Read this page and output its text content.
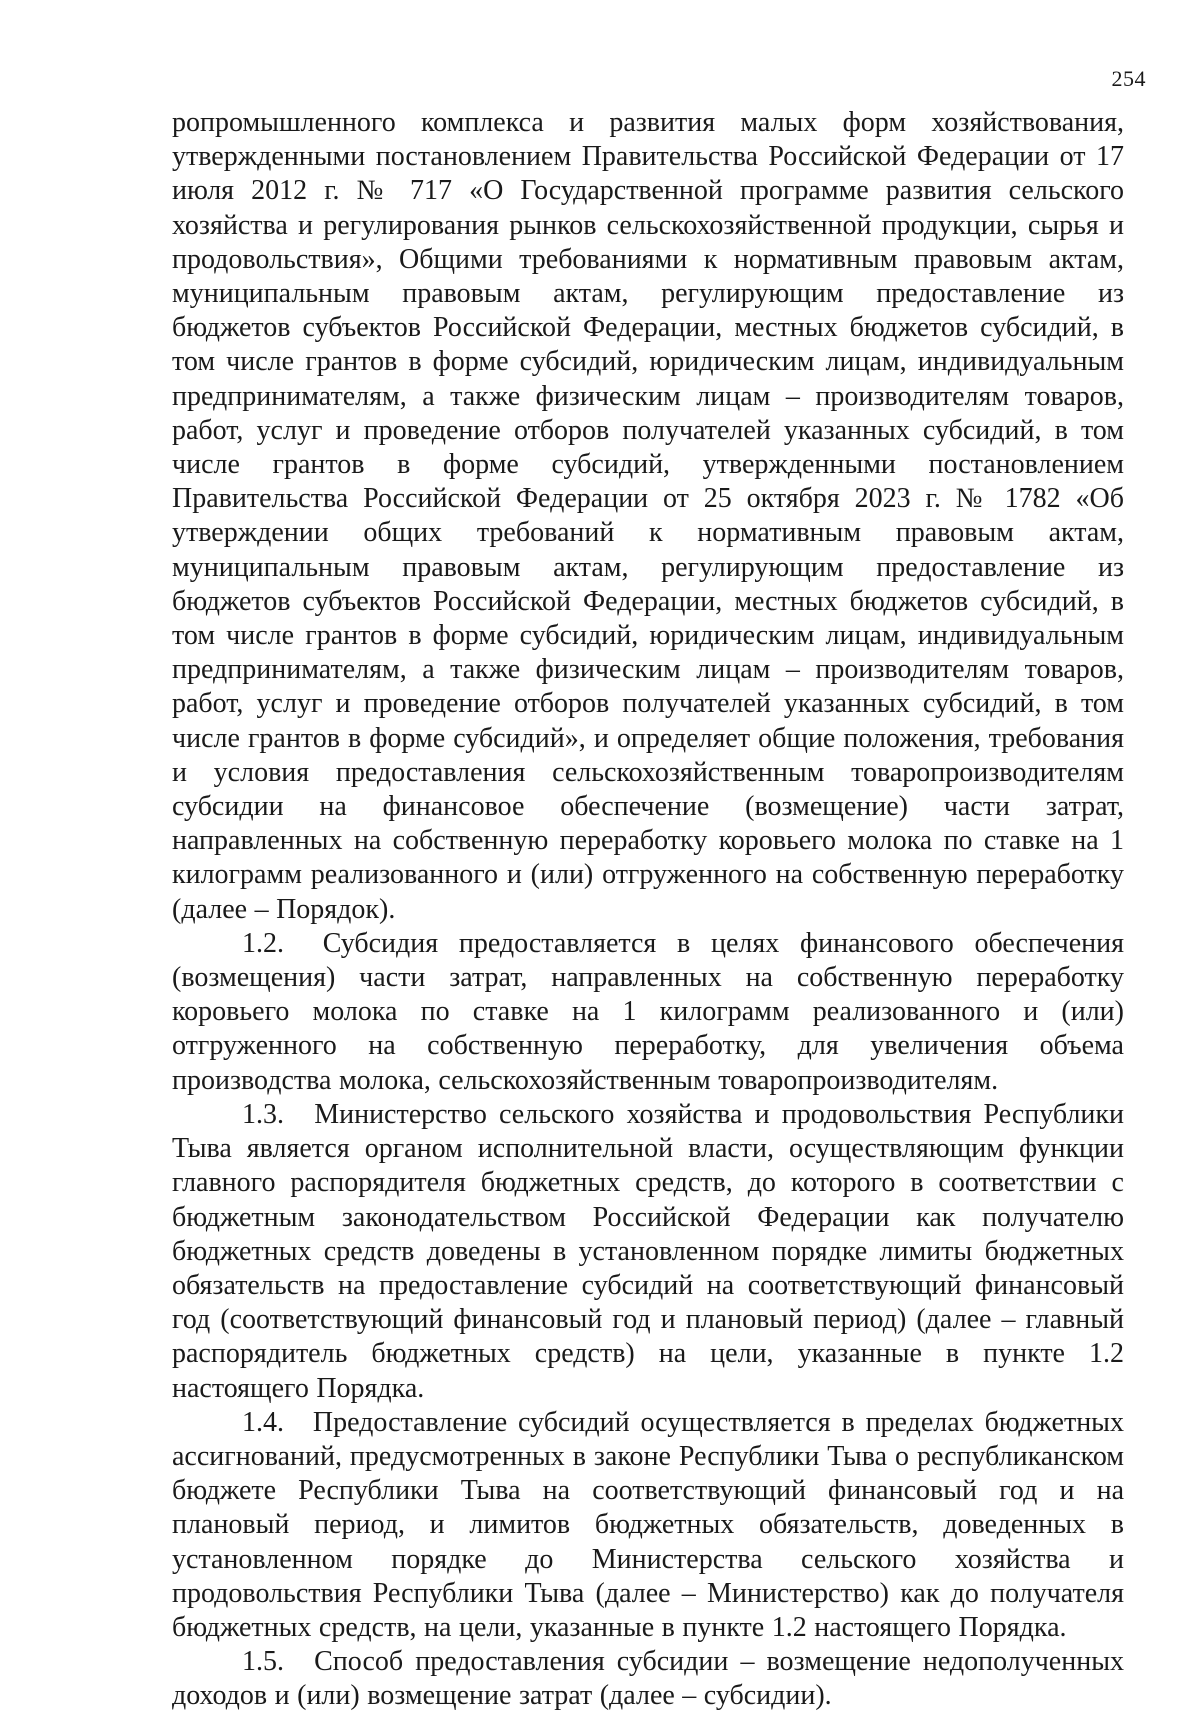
254

ропромышленного комплекса и развития малых форм хозяйствования, утвержденными постановлением Правительства Российской Федерации от 17 июля 2012 г. № 717 «О Государственной программе развития сельского хозяйства и регулирования рынков сельскохозяйственной продукции, сырья и продовольствия», Общими требованиями к нормативным правовым актам, муниципальным правовым актам, регулирующим предоставление из бюджетов субъектов Российской Федерации, местных бюджетов субсидий, в том числе грантов в форме субсидий, юридическим лицам, индивидуальным предпринимателям, а также физическим лицам – производителям товаров, работ, услуг и проведение отборов получателей указанных субсидий, в том числе грантов в форме субсидий, утвержденными постановлением Правительства Российской Федерации от 25 октября 2023 г. № 1782 «Об утверждении общих требований к нормативным правовым актам, муниципальным правовым актам, регулирующим предоставление из бюджетов субъектов Российской Федерации, местных бюджетов субсидий, в том числе грантов в форме субсидий, юридическим лицам, индивидуальным предпринимателям, а также физическим лицам – производителям товаров, работ, услуг и проведение отборов получателей указанных субсидий, в том числе грантов в форме субсидий», и определяет общие положения, требования и условия предоставления сельскохозяйственным товаропроизводителям субсидии на финансовое обеспечение (возмещение) части затрат, направленных на собственную переработку коровьего молока по ставке на 1 килограмм реализованного и (или) отгруженного на собственную переработку (далее – Порядок).

1.2. Субсидия предоставляется в целях финансового обеспечения (возмещения) части затрат, направленных на собственную переработку коровьего молока по ставке на 1 килограмм реализованного и (или) отгруженного на собственную переработку, для увеличения объема производства молока, сельскохозяйственным товаропроизводителям.

1.3. Министерство сельского хозяйства и продовольствия Республики Тыва является органом исполнительной власти, осуществляющим функции главного распорядителя бюджетных средств, до которого в соответствии с бюджетным законодательством Российской Федерации как получателю бюджетных средств доведены в установленном порядке лимиты бюджетных обязательств на предоставление субсидий на соответствующий финансовый год (соответствующий финансовый год и плановый период) (далее – главный распорядитель бюджетных средств) на цели, указанные в пункте 1.2 настоящего Порядка.

1.4. Предоставление субсидий осуществляется в пределах бюджетных ассигнований, предусмотренных в законе Республики Тыва о республиканском бюджете Республики Тыва на соответствующий финансовый год и на плановый период, и лимитов бюджетных обязательств, доведенных в установленном порядке до Министерства сельского хозяйства и продовольствия Республики Тыва (далее – Министерство) как до получателя бюджетных средств, на цели, указанные в пункте 1.2 настоящего Порядка.

1.5. Способ предоставления субсидии – возмещение недополученных доходов и (или) возмещение затрат (далее – субсидии).
